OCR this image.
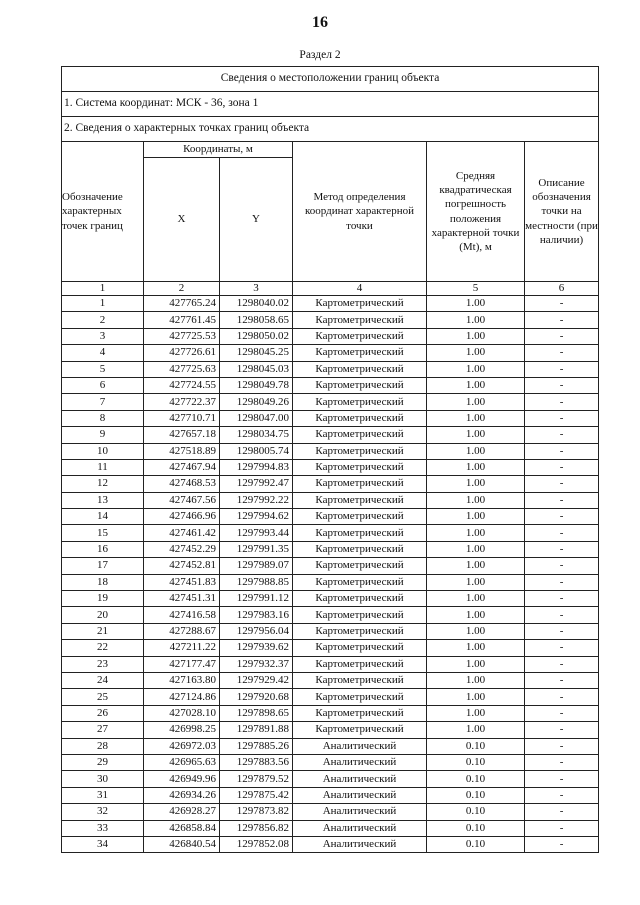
16
Раздел 2
Сведения о местоположении границ объекта					
1. Система координат: МСК - 36, зона 1					
2. Сведения о характерных точках границ объекта					
Обозначение характерных точек границ	Координаты, м		Метод определения координат характерной точки	Средняя квадратическая погрешность положения характерной точки (Mt), м	Описание обозначения точки на местности (при наличии)
	X	Y			
1	2	3	4	5	6
1	427765.24	1298040.02	Картометрический	1.00	-
2	427761.45	1298058.65	Картометрический	1.00	-
3	427725.53	1298050.02	Картометрический	1.00	-
4	427726.61	1298045.25	Картометрический	1.00	-
5	427725.63	1298045.03	Картометрический	1.00	-
6	427724.55	1298049.78	Картометрический	1.00	-
7	427722.37	1298049.26	Картометрический	1.00	-
8	427710.71	1298047.00	Картометрический	1.00	-
9	427657.18	1298034.75	Картометрический	1.00	-
10	427518.89	1298005.74	Картометрический	1.00	-
11	427467.94	1297994.83	Картометрический	1.00	-
12	427468.53	1297992.47	Картометрический	1.00	-
13	427467.56	1297992.22	Картометрический	1.00	-
14	427466.96	1297994.62	Картометрический	1.00	-
15	427461.42	1297993.44	Картометрический	1.00	-
16	427452.29	1297991.35	Картометрический	1.00	-
17	427452.81	1297989.07	Картометрический	1.00	-
18	427451.83	1297988.85	Картометрический	1.00	-
19	427451.31	1297991.12	Картометрический	1.00	-
20	427416.58	1297983.16	Картометрический	1.00	-
21	427288.67	1297956.04	Картометрический	1.00	-
22	427211.22	1297939.62	Картометрический	1.00	-
23	427177.47	1297932.37	Картометрический	1.00	-
24	427163.80	1297929.42	Картометрический	1.00	-
25	427124.86	1297920.68	Картометрический	1.00	-
26	427028.10	1297898.65	Картометрический	1.00	-
27	426998.25	1297891.88	Картометрический	1.00	-
28	426972.03	1297885.26	Аналитический	0.10	-
29	426965.63	1297883.56	Аналитический	0.10	-
30	426949.96	1297879.52	Аналитический	0.10	-
31	426934.26	1297875.42	Аналитический	0.10	-
32	426928.27	1297873.82	Аналитический	0.10	-
33	426858.84	1297856.82	Аналитический	0.10	-
34	426840.54	1297852.08	Аналитический	0.10	-
